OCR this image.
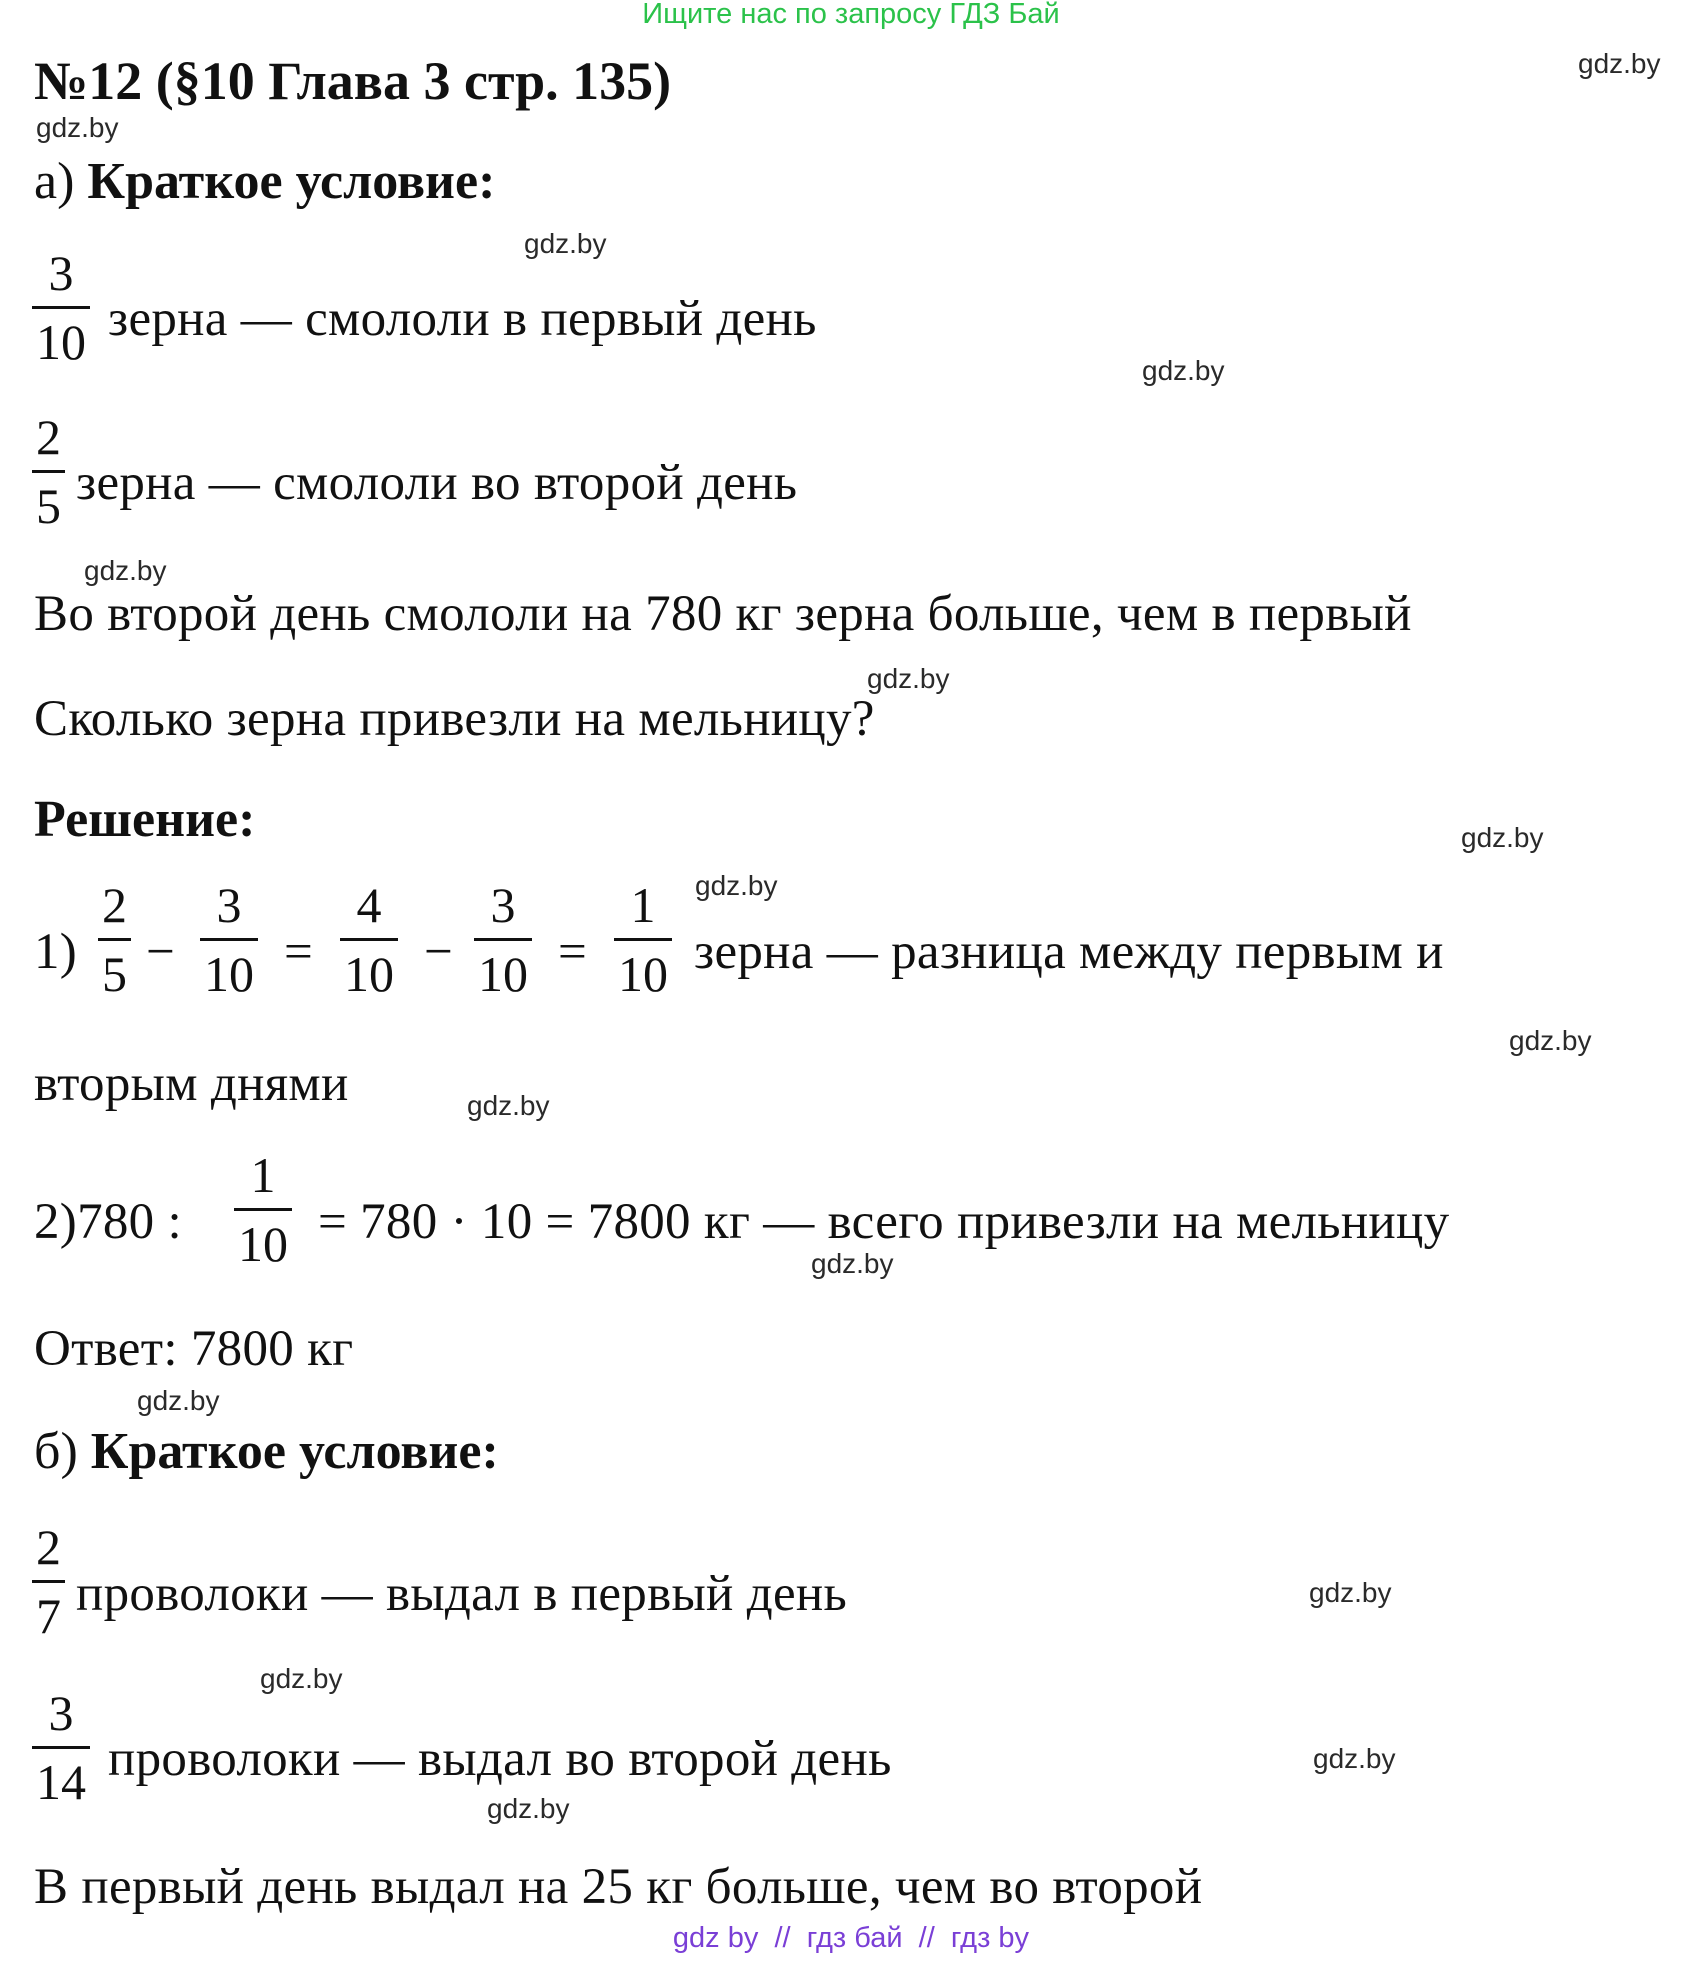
Ищите нас по запросу ГДЗ Бай
№12 (§10 Глава 3 стр. 135)	gdz.by
gdz.by
gdz.by
gdz.by
gdz.by
gdz.by
gdz.by
gdz.by
gdz.by
gdz.by
gdz.by
gdz.by
gdz.by
gdz.by
gdz.by
gdz.by
а) Краткое условие:
$\frac{3}{10}$ зерна — смололи в первый день
$\frac{2}{5}$ зерна — смололи во второй день
Во второй день смололи на 780 кг зерна больше, чем в первый
Сколько зерна привезли на мельницу?
Решение:
$1) \frac{2}{5} - \frac{3}{10} = \frac{4}{10} - \frac{3}{10} = \frac{1}{10}$ зерна — разница между первым и
вторым днями
2)780 : $\frac{1}{10} = 780 \cdot 10 = 7800$ кг — всего привезли на мельницу
Ответ: 7800 кг
б) Краткое условие:
$\frac{2}{7}$ проволоки — выдал в первый день
$\frac{3}{14}$ проволоки — выдал во второй день
В первый день выдал на 25 кг больше, чем во второй
gdz by  //  гдз бай  //  гдз by
